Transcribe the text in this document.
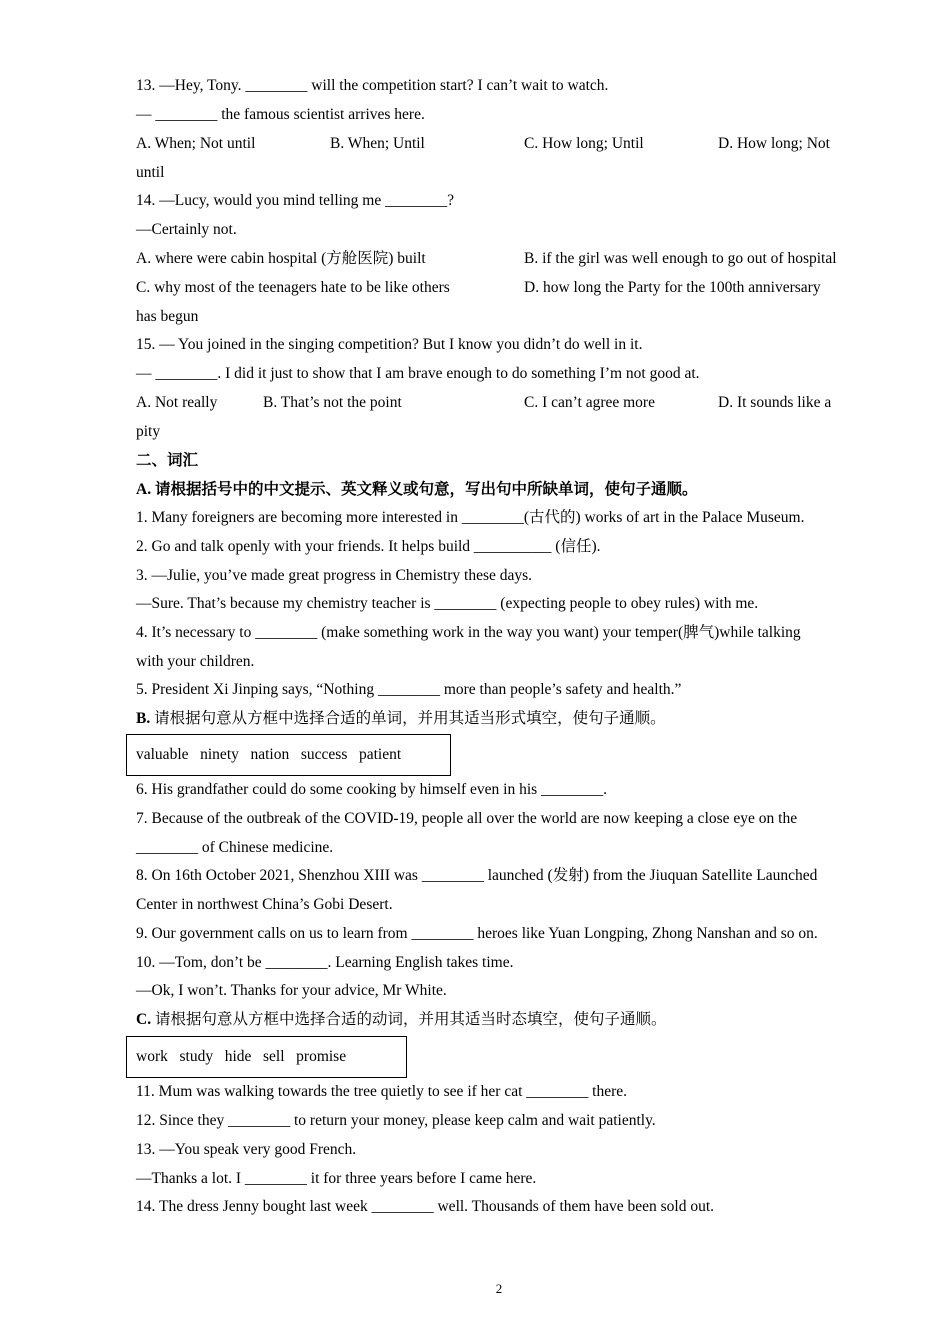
13. —Hey, Tony. ________ will the competition start? I can’t wait to watch.
— ________ the famous scientist arrives here.
A. When; Not until	B. When; Until	C. How long; Until	D. How long; Not
until
14. —Lucy, would you mind telling me ________?
—Certainly not.
A. where were cabin hospital (方舱医院) built	B. if the girl was well enough to go out of hospital
C. why most of the teenagers hate to be like others	D. how long the Party for the 100th anniversary
has begun
15. — You joined in the singing competition? But I know you didn’t do well in it.
— ________. I did it just to show that I am brave enough to do something I’m not good at.
A. Not really	B. That’s not the point	C. I can’t agree more	D. It sounds like a
pity
二、词汇
A. 请根据括号中的中文提示、英文释义或句意，写出句中所缺单词，使句子通顺。
1. Many foreigners are becoming more interested in ________(古代的) works of art in the Palace Museum.
2. Go and talk openly with your friends. It helps build __________ (信任).
3. —Julie, you’ve made great progress in Chemistry these days.
—Sure. That’s because my chemistry teacher is ________ (expecting people to obey rules) with me.
4. It’s necessary to ________ (make something work in the way you want) your temper(脾气)while talking
with your children.
5. President Xi Jinping says, “Nothing ________ more than people’s safety and health.”
B. 请根据句意从方框中选择合适的单词，并用其适当形式填空，使句子通顺。
valuable   ninety   nation   success   patient
6. His grandfather could do some cooking by himself even in his ________.
7. Because of the outbreak of the COVID-19, people all over the world are now keeping a close eye on the
________ of Chinese medicine.
8. On 16th October 2021, Shenzhou XIII was ________ launched (发射) from the Jiuquan Satellite Launched
Center in northwest China’s Gobi Desert.
9. Our government calls on us to learn from ________ heroes like Yuan Longping, Zhong Nanshan and so on.
10. —Tom, don’t be ________. Learning English takes time.
—Ok, I won’t. Thanks for your advice, Mr White.
C. 请根据句意从方框中选择合适的动词，并用其适当时态填空，使句子通顺。
work   study   hide   sell   promise
11. Mum was walking towards the tree quietly to see if her cat ________ there.
12. Since they ________ to return your money, please keep calm and wait patiently.
13. —You speak very good French.
—Thanks a lot. I ________ it for three years before I came here.
14. The dress Jenny bought last week ________ well. Thousands of them have been sold out.
2
